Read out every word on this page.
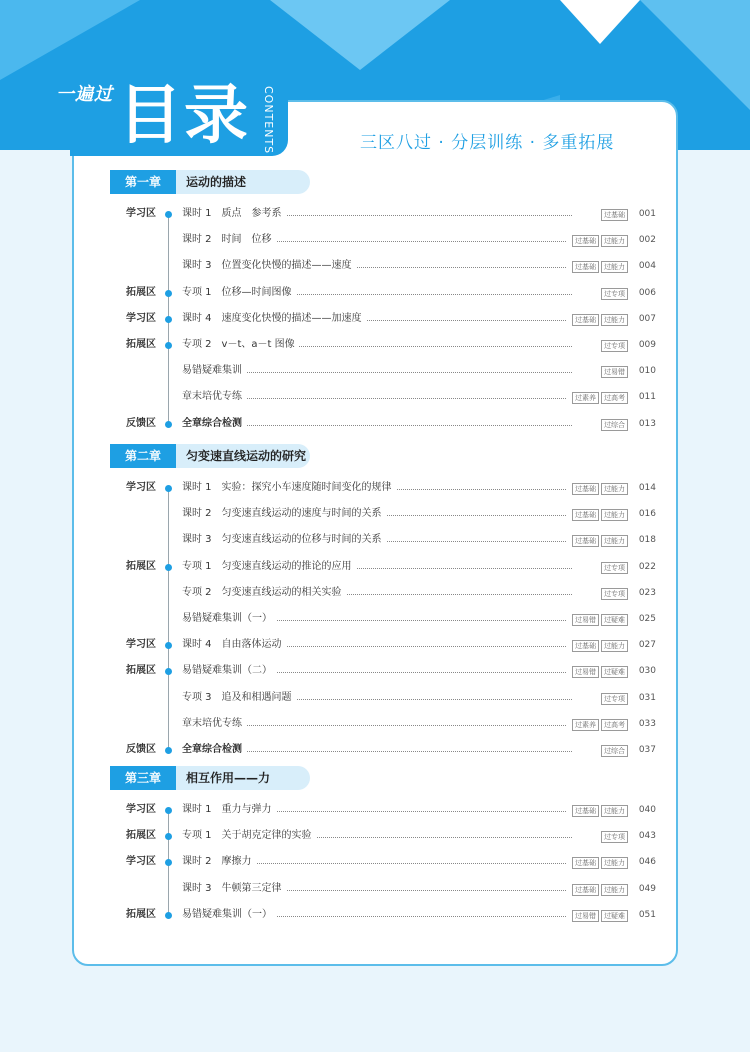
一遍过 目录 CONTENTS	三区八过 · 分层训练 · 多重拓展
第一章	运动的描述
学习区	课时 1　质点　参考系	过基础	001
课时 2　时间　位移	过基础 过能力	002
课时 3　位置变化快慢的描述——速度	过基础 过能力	004
拓展区	专项 1　位移—时间图像	过专项	006
学习区	课时 4　速度变化快慢的描述——加速度	过基础 过能力	007
拓展区	专项 2　v－t、a－t 图像	过专项	009
易错疑难集训	过易错	010
章末培优专练	过素养 过高考	011
反馈区	全章综合检测	过综合	013
第二章	匀变速直线运动的研究
学习区	课时 1　实验：探究小车速度随时间变化的规律	过基础 过能力	014
课时 2　匀变速直线运动的速度与时间的关系	过基础 过能力	016
课时 3　匀变速直线运动的位移与时间的关系	过基础 过能力	018
拓展区	专项 1　匀变速直线运动的推论的应用	过专项	022
专项 2　匀变速直线运动的相关实验	过专项	023
易错疑难集训（一）	过易错 过疑难	025
学习区	课时 4　自由落体运动	过基础 过能力	027
拓展区	易错疑难集训（二）	过易错 过疑难	030
专项 3　追及和相遇问题	过专项	031
章末培优专练	过素养 过高考	033
反馈区	全章综合检测	过综合	037
第三章	相互作用——力
学习区	课时 1　重力与弹力	过基础 过能力	040
拓展区	专项 1　关于胡克定律的实验	过专项	043
学习区	课时 2　摩擦力	过基础 过能力	046
课时 3　牛顿第三定律	过基础 过能力	049
拓展区	易错疑难集训（一）	过易错 过疑难	051
